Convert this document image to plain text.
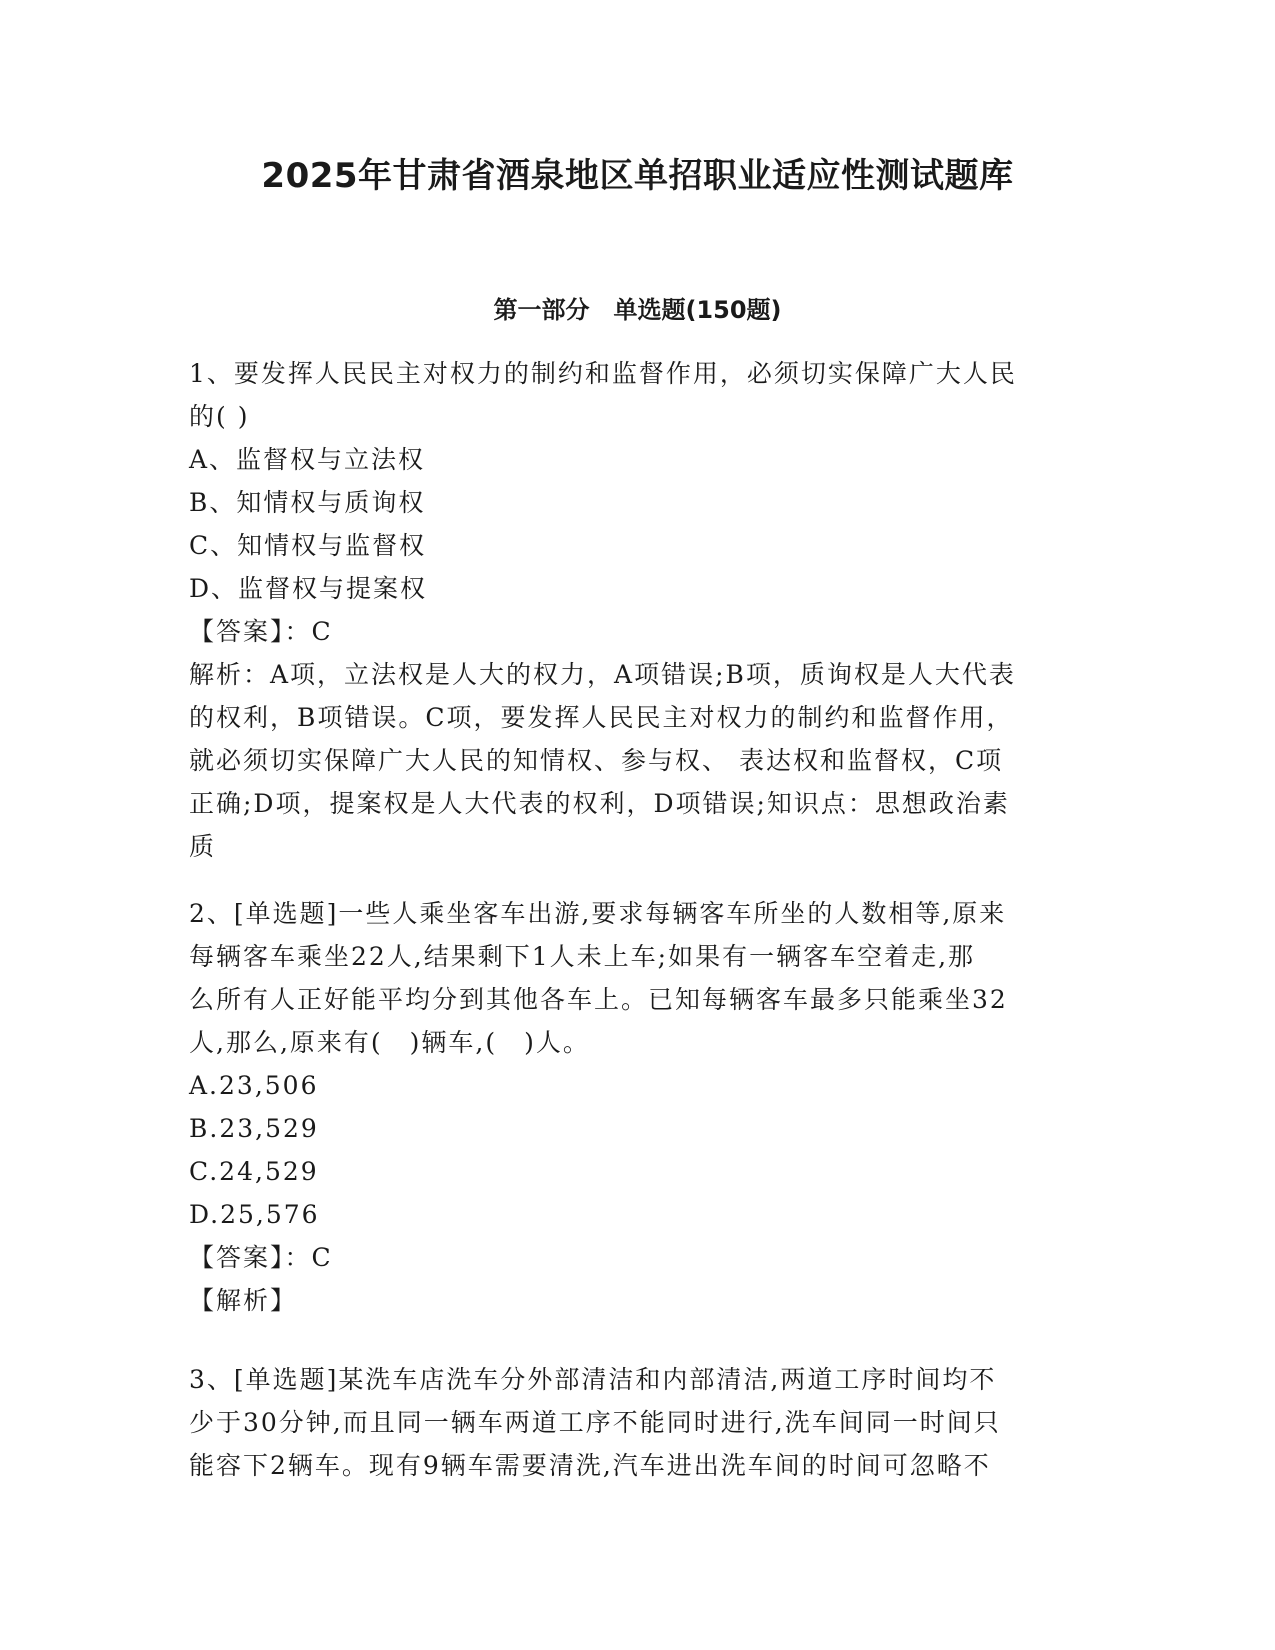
2025年甘肃省酒泉地区单招职业适应性测试题库
第一部分　单选题(150题)

1、要发挥人民民主对权力的制约和监督作用，必须切实保障广大人民
的( )

A、监督权与立法权

B、知情权与质询权

C、知情权与监督权

D、监督权与提案权

【答案】：C

解析：A项，立法权是人大的权力，A项错误;B项，质询权是人大代表
的权利，B项错误。C项，要发挥人民民主对权力的制约和监督作用，
就必须切实保障广大人民的知情权、参与权、 表达权和监督权，C项
正确;D项，提案权是人大代表的权利，D项错误;知识点：思想政治素
质

2、[单选题]一些人乘坐客车出游,要求每辆客车所坐的人数相等,原来
每辆客车乘坐22人,结果剩下1人未上车;如果有一辆客车空着走,那
么所有人正好能平均分到其他各车上。已知每辆客车最多只能乘坐32
人,那么,原来有(　)辆车,(　)人。

A.23,506

B.23,529

C.24,529

D.25,576

【答案】：C

【解析】

3、[单选题]某洗车店洗车分外部清洁和内部清洁,两道工序时间均不
少于30分钟,而且同一辆车两道工序不能同时进行,洗车间同一时间只
能容下2辆车。现有9辆车需要清洗,汽车进出洗车间的时间可忽略不
